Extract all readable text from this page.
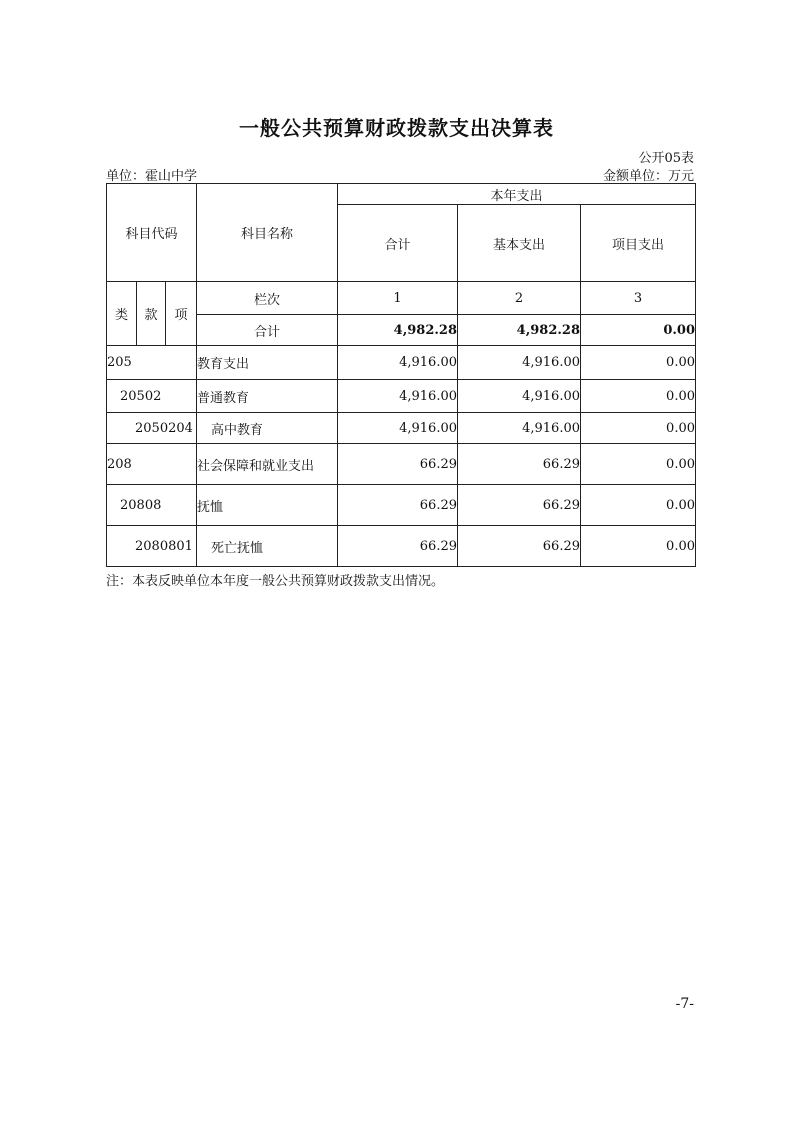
一般公共预算财政拨款支出决算表
公开05表
单位：霍山中学	金额单位：万元
科目代码			科目名称	本年支出		
				合计	基本支出	项目支出
类	款	项	栏次	1	2	3
			合计	4,982.28	4,982.28	0.00
205			教育支出	4,916.00	4,916.00	0.00
20502			普通教育	4,916.00	4,916.00	0.00
2050204			高中教育	4,916.00	4,916.00	0.00
208			社会保障和就业支出	66.29	66.29	0.00
20808			抚恤	66.29	66.29	0.00
2080801			死亡抚恤	66.29	66.29	0.00
注：本表反映单位本年度一般公共预算财政拨款支出情况。
-7-
